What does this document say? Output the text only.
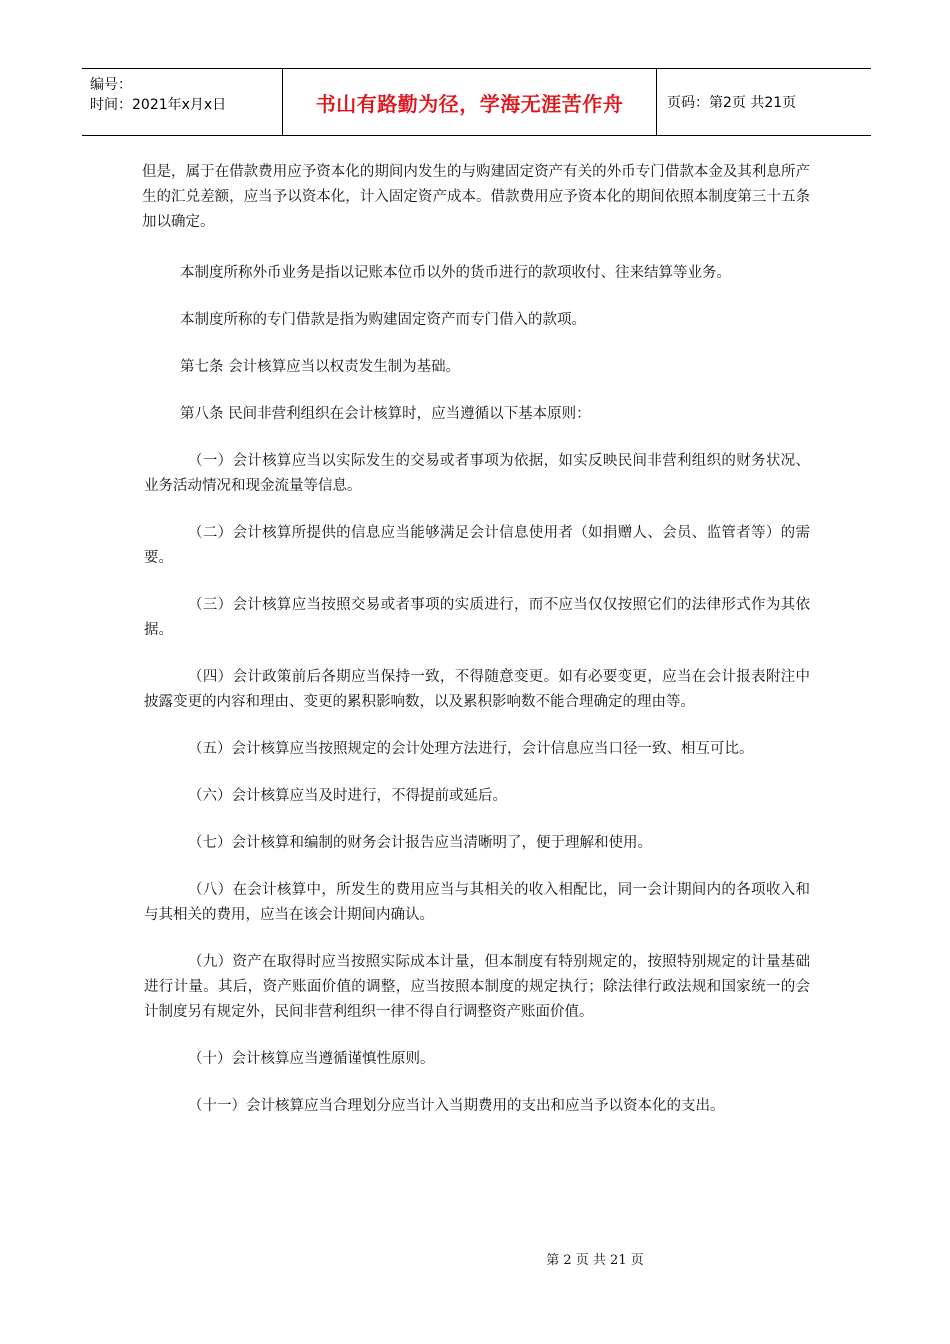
编号：
时间：2021年x月x日	书山有路勤为径，学海无涯苦作舟	页码：第2页 共21页

但是，属于在借款费用应予资本化的期间内发生的与购建固定资产有关的外币专门借款本金及其利息所产生的汇兑差额，应当予以资本化，计入固定资产成本。借款费用应予资本化的期间依照本制度第三十五条加以确定。

本制度所称外币业务是指以记账本位币以外的货币进行的款项收付、往来结算等业务。

本制度所称的专门借款是指为购建固定资产而专门借入的款项。

第七条 会计核算应当以权责发生制为基础。

第八条 民间非营利组织在会计核算时，应当遵循以下基本原则：

（一）会计核算应当以实际发生的交易或者事项为依据，如实反映民间非营利组织的财务状况、业务活动情况和现金流量等信息。

（二）会计核算所提供的信息应当能够满足会计信息使用者（如捐赠人、会员、监管者等）的需要。

（三）会计核算应当按照交易或者事项的实质进行，而不应当仅仅按照它们的法律形式作为其依据。

（四）会计政策前后各期应当保持一致，不得随意变更。如有必要变更，应当在会计报表附注中披露变更的内容和理由、变更的累积影响数，以及累积影响数不能合理确定的理由等。

（五）会计核算应当按照规定的会计处理方法进行，会计信息应当口径一致、相互可比。

（六）会计核算应当及时进行，不得提前或延后。

（七）会计核算和编制的财务会计报告应当清晰明了，便于理解和使用。

（八）在会计核算中，所发生的费用应当与其相关的收入相配比，同一会计期间内的各项收入和与其相关的费用，应当在该会计期间内确认。

（九）资产在取得时应当按照实际成本计量，但本制度有特别规定的，按照特别规定的计量基础进行计量。其后，资产账面价值的调整，应当按照本制度的规定执行；除法律行政法规和国家统一的会计制度另有规定外，民间非营利组织一律不得自行调整资产账面价值。

（十）会计核算应当遵循谨慎性原则。

（十一）会计核算应当合理划分应当计入当期费用的支出和应当予以资本化的支出。

第 2 页 共 21 页
